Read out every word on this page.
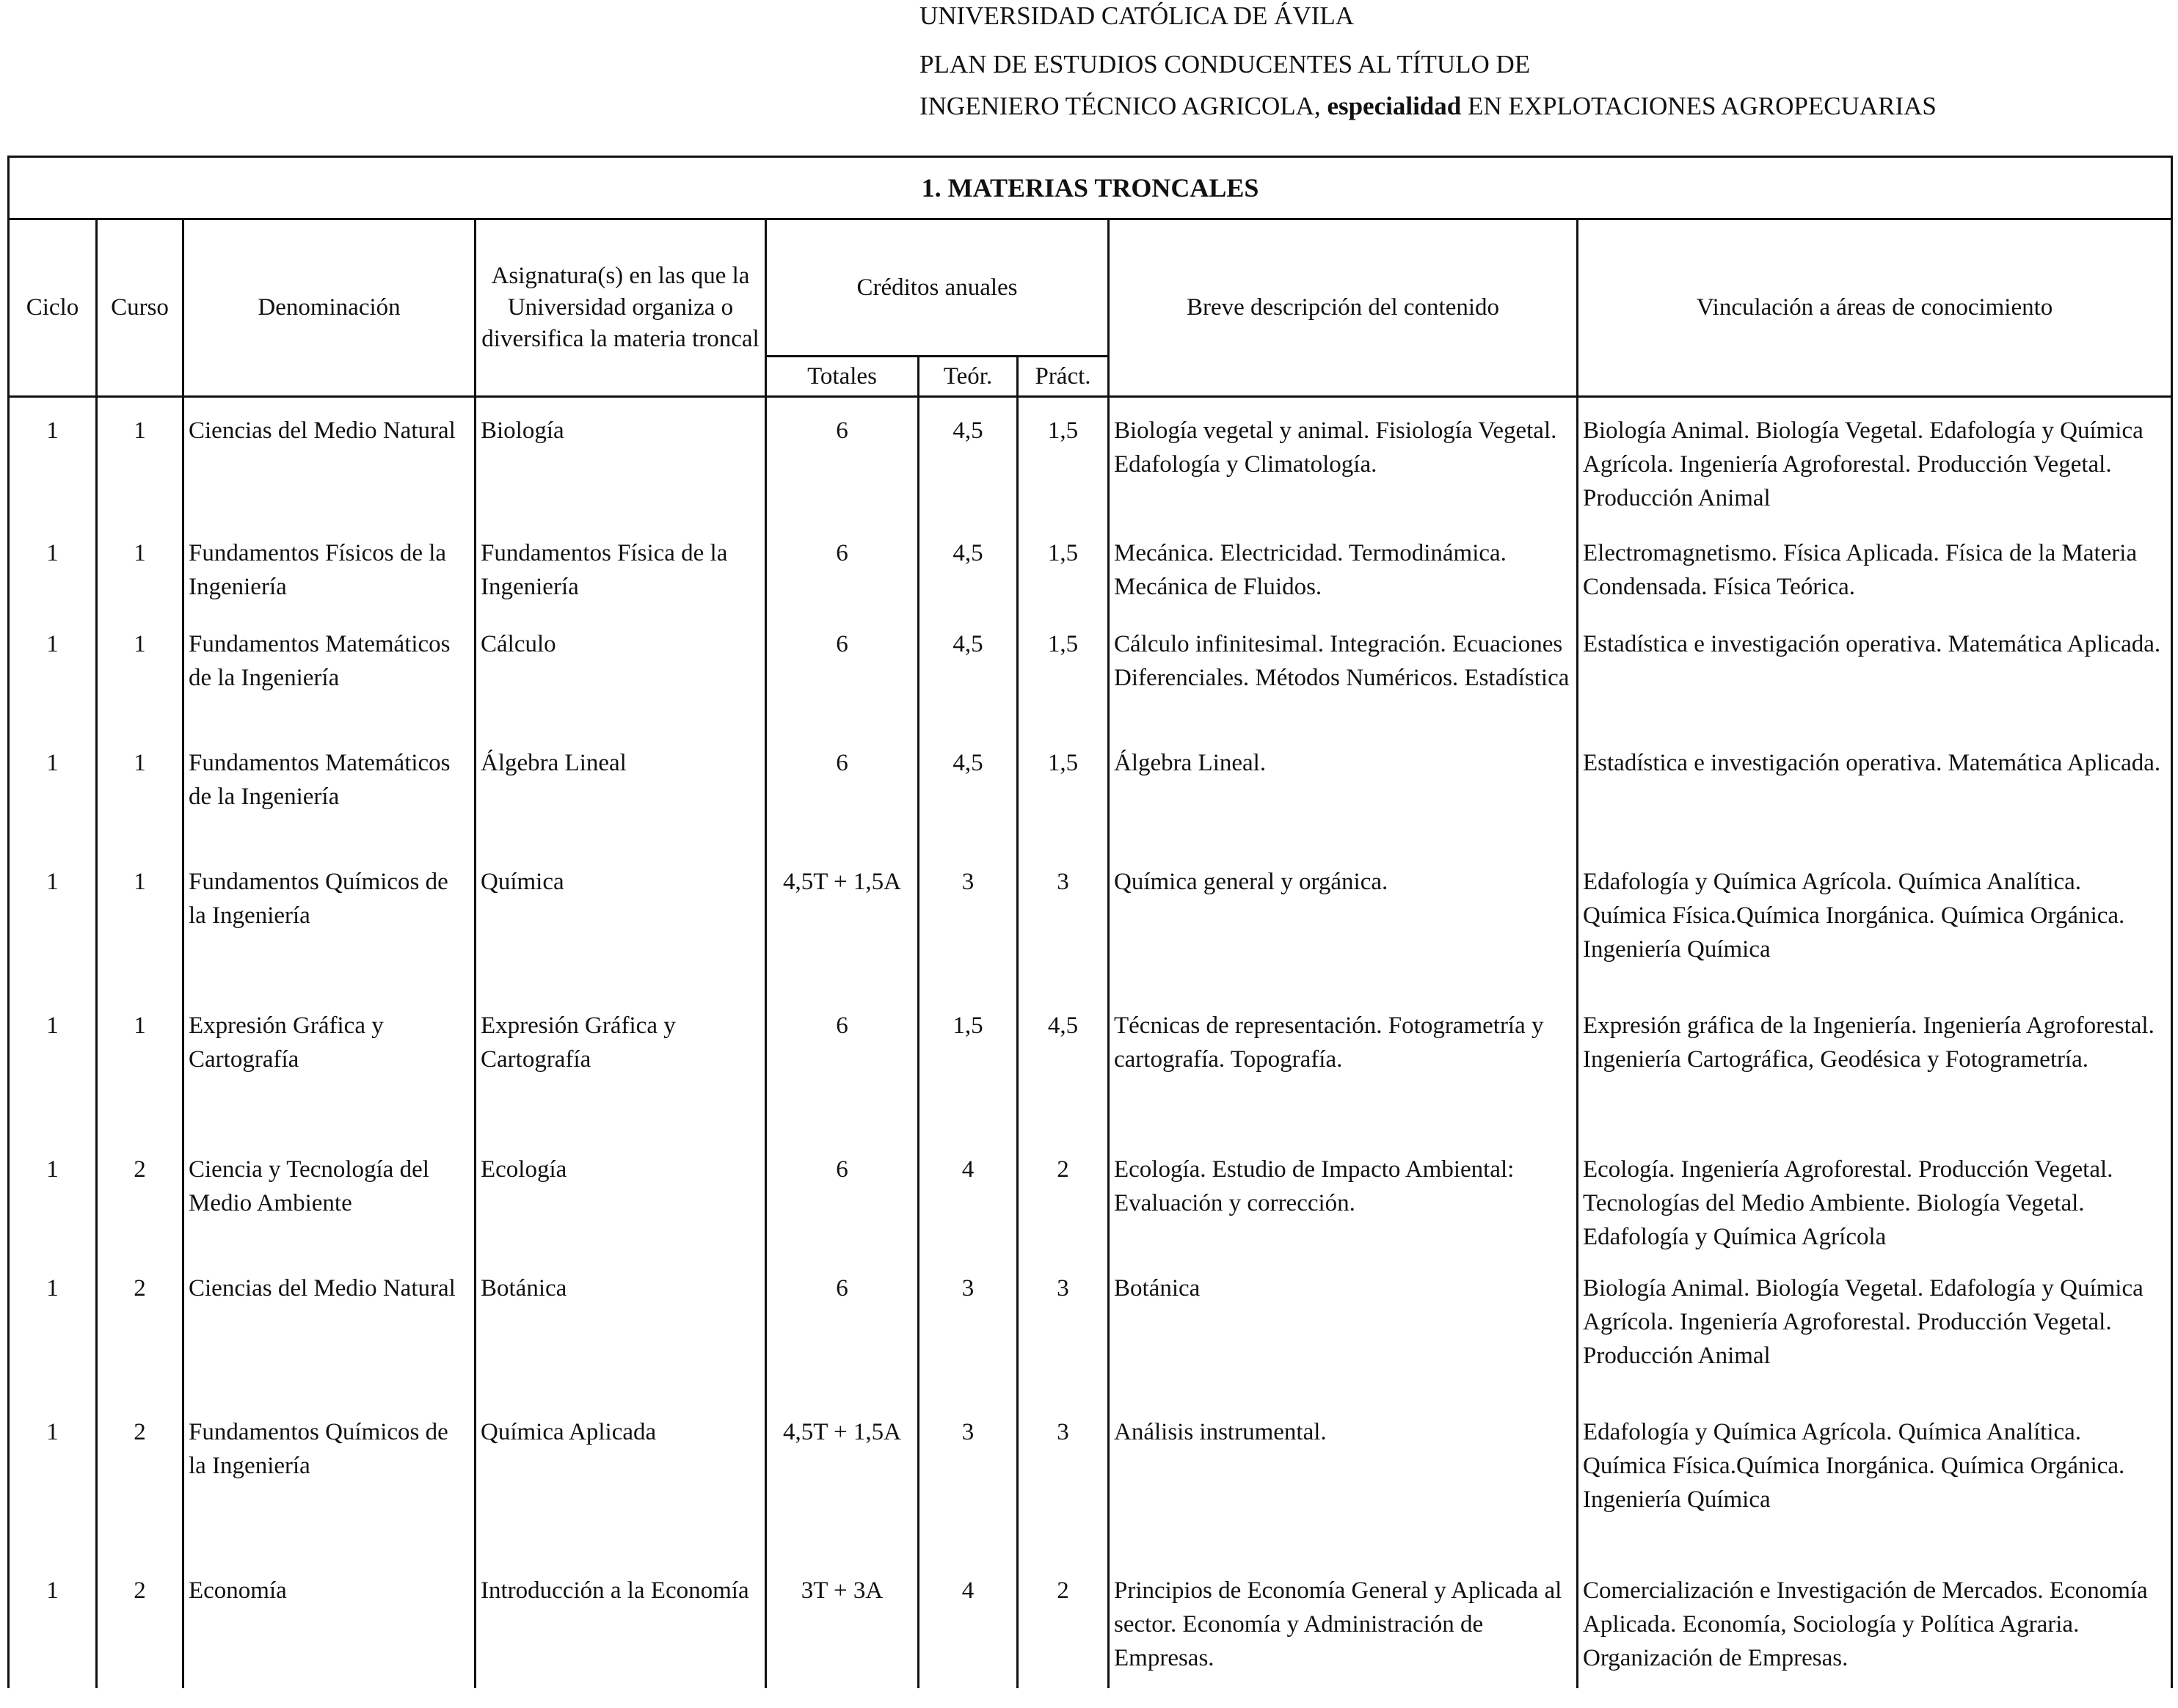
UNIVERSIDAD CATÓLICA DE ÁVILA
PLAN DE ESTUDIOS CONDUCENTES AL TÍTULO DE
INGENIERO TÉCNICO AGRICOLA, especialidad EN EXPLOTACIONES AGROPECUARIAS
1. MATERIAS TRONCALES								
Ciclo	Curso	Denominación	Asignatura(s) en las que la Universidad organiza o diversifica la materia troncal	Créditos anuales			Breve descripción del contenido	Vinculación a áreas de conocimiento
				Totales	Teór.	Práct.		
1	1	Ciencias del Medio Natural	Biología	6	4,5	1,5	Biología vegetal y animal. Fisiología Vegetal. Edafología y Climatología.	Biología Animal. Biología Vegetal. Edafología y Química Agrícola. Ingeniería Agroforestal. Producción Vegetal. Producción Animal
1	1	Fundamentos Físicos de la Ingeniería	Fundamentos Física de la Ingeniería	6	4,5	1,5	Mecánica. Electricidad. Termodinámica. Mecánica de Fluidos.	Electromagnetismo. Física Aplicada. Física de la Materia Condensada. Física Teórica.
1	1	Fundamentos Matemáticos de la Ingeniería	Cálculo	6	4,5	1,5	Cálculo infinitesimal. Integración. Ecuaciones Diferenciales. Métodos Numéricos. Estadística	Estadística e investigación operativa. Matemática Aplicada.
1	1	Fundamentos Matemáticos de la Ingeniería	Álgebra Lineal	6	4,5	1,5	Álgebra Lineal.	Estadística e investigación operativa. Matemática Aplicada.
1	1	Fundamentos Químicos de la Ingeniería	Química	4,5T + 1,5A	3	3	Química general y orgánica.	Edafología y Química Agrícola. Química Analítica. Química Física.Química Inorgánica. Química Orgánica. Ingeniería Química
1	1	Expresión Gráfica y Cartografía	Expresión Gráfica y Cartografía	6	1,5	4,5	Técnicas de representación. Fotogrametría y cartografía. Topografía.	Expresión gráfica de la Ingeniería. Ingeniería Agroforestal. Ingeniería Cartográfica, Geodésica y Fotogrametría.
1	2	Ciencia y Tecnología del Medio Ambiente	Ecología	6	4	2	Ecología. Estudio de Impacto Ambiental: Evaluación y corrección.	Ecología. Ingeniería Agroforestal. Producción Vegetal. Tecnologías del Medio Ambiente. Biología Vegetal. Edafología y Química Agrícola
1	2	Ciencias del Medio Natural	Botánica	6	3	3	Botánica	Biología Animal. Biología Vegetal. Edafología y Química Agrícola. Ingeniería Agroforestal. Producción Vegetal. Producción Animal
1	2	Fundamentos Químicos de la Ingeniería	Química Aplicada	4,5T + 1,5A	3	3	Análisis instrumental.	Edafología y Química Agrícola. Química Analítica. Química Física.Química Inorgánica. Química Orgánica. Ingeniería Química
1	2	Economía	Introducción a la Economía	3T + 3A	4	2	Principios de Economía General y Aplicada al sector. Economía y Administración de Empresas.	Comercialización e Investigación de Mercados. Economía Aplicada. Economía, Sociología y Política Agraria. Organización de Empresas.
